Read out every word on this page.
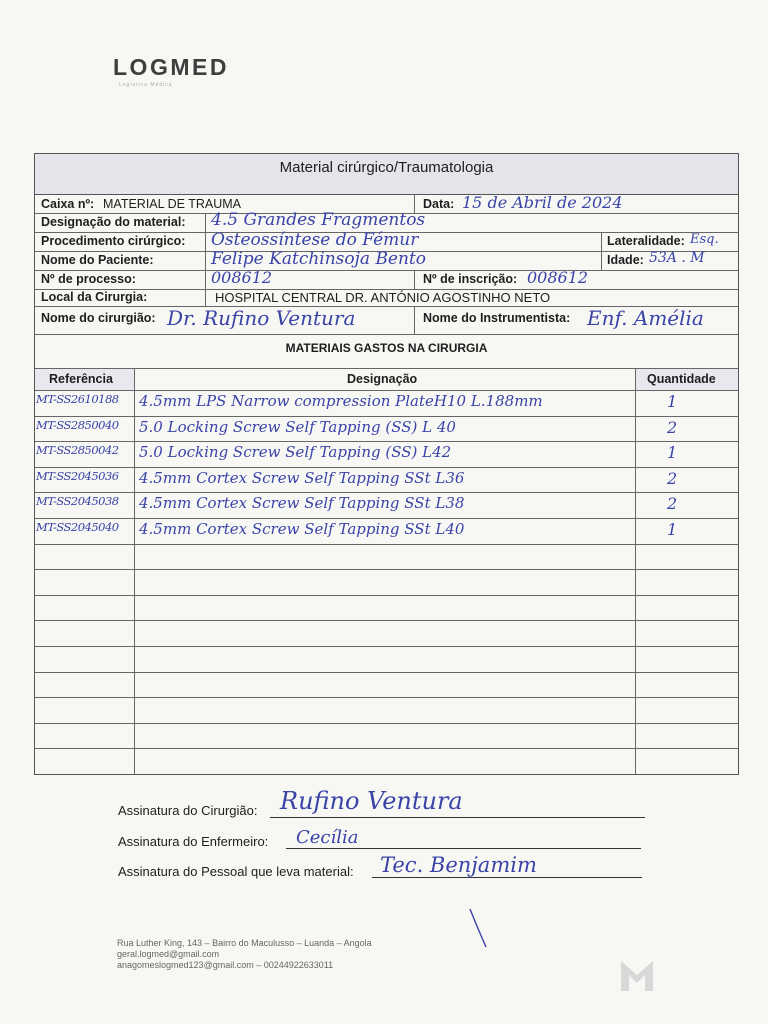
LOGMED
Logística Médica
Material cirúrgico/Traumatologia
Caixa nº: MATERIAL DE TRAUMA	Data: 15 de Abril de 2024
Designação do material: 4.5 Grandes Fragmentos
Procedimento cirúrgico: Osteossíntese do Fémur	Lateralidade: Esq.
Nome do Paciente:	Felipe Katchinsoja Bento	Idade: 53A . M
Nº de processo:	008612	Nº de inscrição: 008612
Local da Cirurgia:	HOSPITAL CENTRAL DR. ANTÓNIO AGOSTINHO NETO
Nome do cirurgião: Dr. Rufino Ventura	Nome do Instrumentista: Enf. Amélia
MATERIAIS GASTOS NA CIRURGIA
Referência	Designação	Quantidade
MT-SS2610188 4.5mm LPS Narrow compression PlateH10 L.188mm	1
MT-SS2850040 5.0 Locking Screw Self Tapping (SS) L 40	2
MT-SS2850042 5.0 Locking Screw Self Tapping (SS) L42	1
MT-SS2045036 4.5mm Cortex Screw Self Tapping SSt L36	2
MT-SS2045038 4.5mm Cortex Screw Self Tapping SSt L38	2
MT-SS2045040 4.5mm Cortex Screw Self Tapping SSt L40	1
Assinatura do Cirurgião: Rufino Ventura
Assinatura do Enfermeiro: Cecília
Assinatura do Pessoal que leva material: Tec. Benjamim
Rua Luther King, 143 – Bairro do Maculusso – Luanda – Angola
geral.logmed@gmail.com
anagomeslogmed123@gmail.com – 00244922633011
